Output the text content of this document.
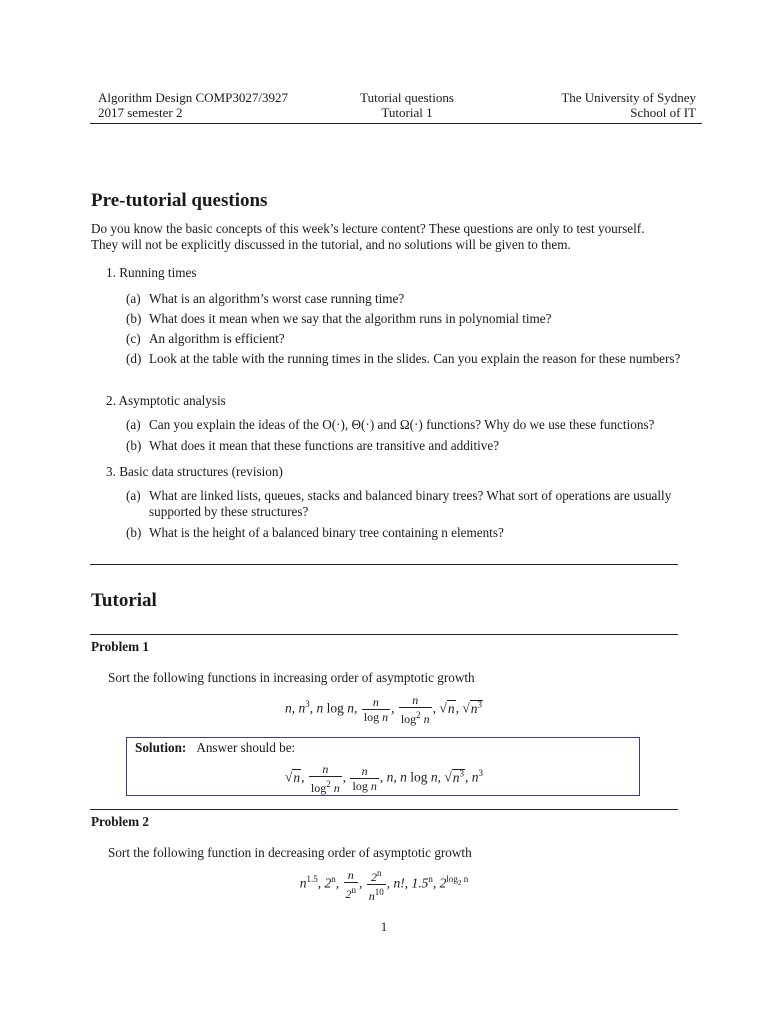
Algorithm Design COMP3027/3927	Tutorial questions	The University of Sydney
2017 semester 2	Tutorial 1	School of IT
Pre-tutorial questions

Do you know the basic concepts of this week’s lecture content? These questions are only to test yourself.

They will not be explicitly discussed in the tutorial, and no solutions will be given to them.

1. Running times
(a) What is an algorithm’s worst case running time?
(b) What does it mean when we say that the algorithm runs in polynomial time?
(c) An algorithm is efficient?
(d) Look at the table with the running times in the slides. Can you explain the reason for these numbers?
2. Asymptotic analysis
(a) Can you explain the ideas of the O(·), Θ(·) and Ω(·) functions? Why do we use these functions?
(b) What does it mean that these functions are transitive and additive?
3. Basic data structures (revision)
(a) What are linked lists, queues, stacks and balanced binary trees? What sort of operations are usually supported by these structures?
(b) What is the height of a balanced binary tree containing n elements?
Tutorial
Problem 1
Sort the following functions in increasing order of asymptotic growth
n, $n^3$, n log n, $\frac{n}{\text{log n}}$ , $\frac{n}{\log^2 n}$ , √n, $√n^3$
Solution: Answer should be:
√n, $\frac{n}{\log^2 n}$ , $\frac{n}{\text{log n}}$ , n, n log n, $√n^3$, $n^3$
Problem 2
Sort the following function in decreasing order of asymptotic growth
$n^{1.5}$, 2$^n$, $\frac{n}{2^n}$ , $\frac{2^n}{n^{10}}$ , n!, 1.5$^n$, $2^{log_2 n}$
1
